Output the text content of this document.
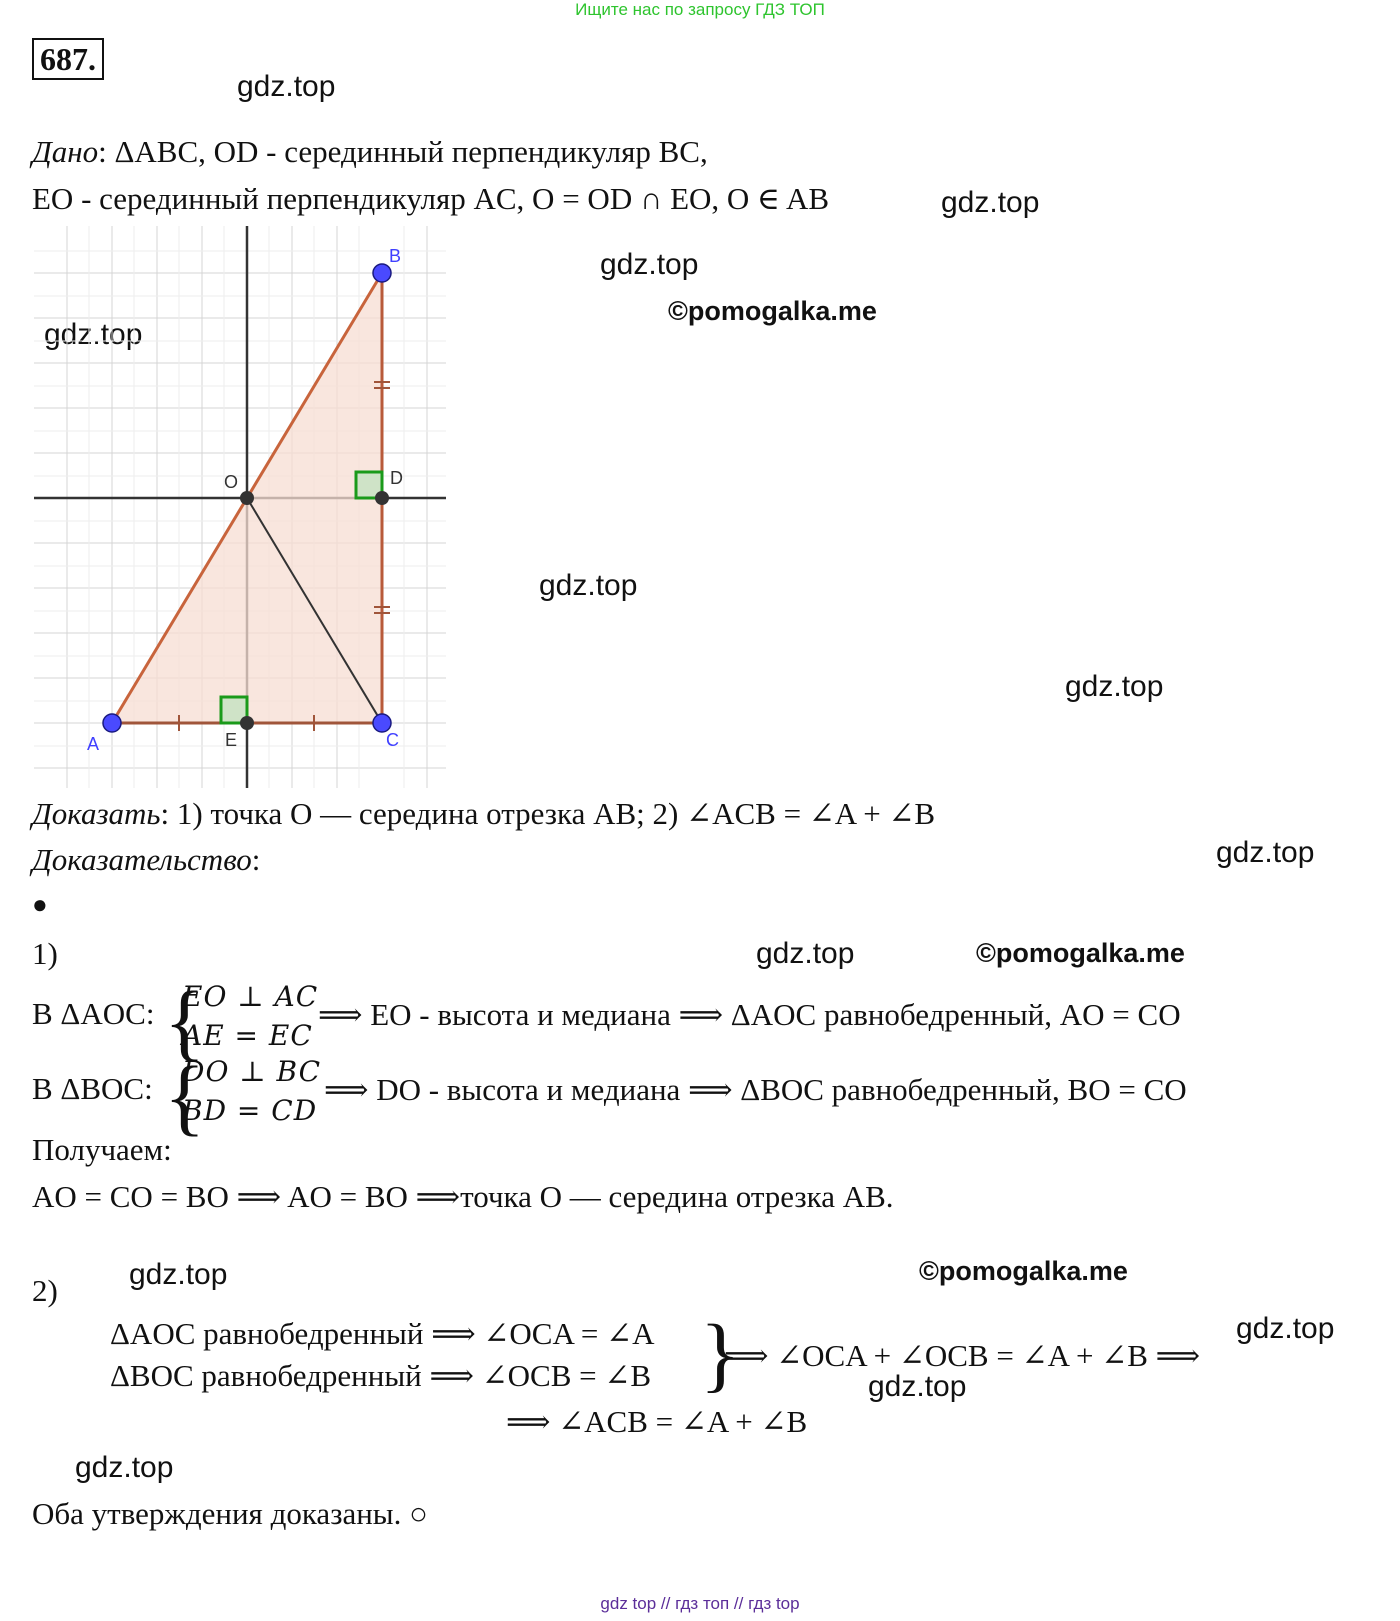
Ищите нас по запросу ГДЗ ТОП
687.
gdz.top
gdz.top
gdz.top
gdz.top
gdz.top
gdz.top
gdz.top
gdz.top
gdz.top
gdz.top
gdz.top
gdz.top
©pomogalka.me
©pomogalka.me
©pomogalka.me
Дано: ΔABC, OD - серединный перпендикуляр BC,
EO - серединный перпендикуляр AC, O = OD ∩ EO, O ∈ AB
A
B
C
D
E
O
Доказать: 1) точка O — середина отрезка AB; 2) ∠ACB = ∠A + ∠B
Доказательство:
●
1)
В ΔAOC: {
EO ⊥ AC
AE = EC
⟹ EO - высота и медиана ⟹ ΔAOC равнобедренный, AO = CO
В ΔBOC: {
DO ⊥ BC
BD = CD
⟹ DO - высота и медиана ⟹ ΔBOC равнобедренный, BO = CO
Получаем:
AO = CO = BO ⟹ AO = BO ⟹точка O — середина отрезка AB.
2)
ΔAOC равнобедренный ⟹ ∠OCA = ∠A
ΔBOC равнобедренный ⟹ ∠OCB = ∠B }
⟹ ∠OCA + ∠OCB = ∠A + ∠B ⟹
⟹ ∠ACB = ∠A + ∠B
Оба утверждения доказаны. ○
gdz top // гдз топ // гдз top
